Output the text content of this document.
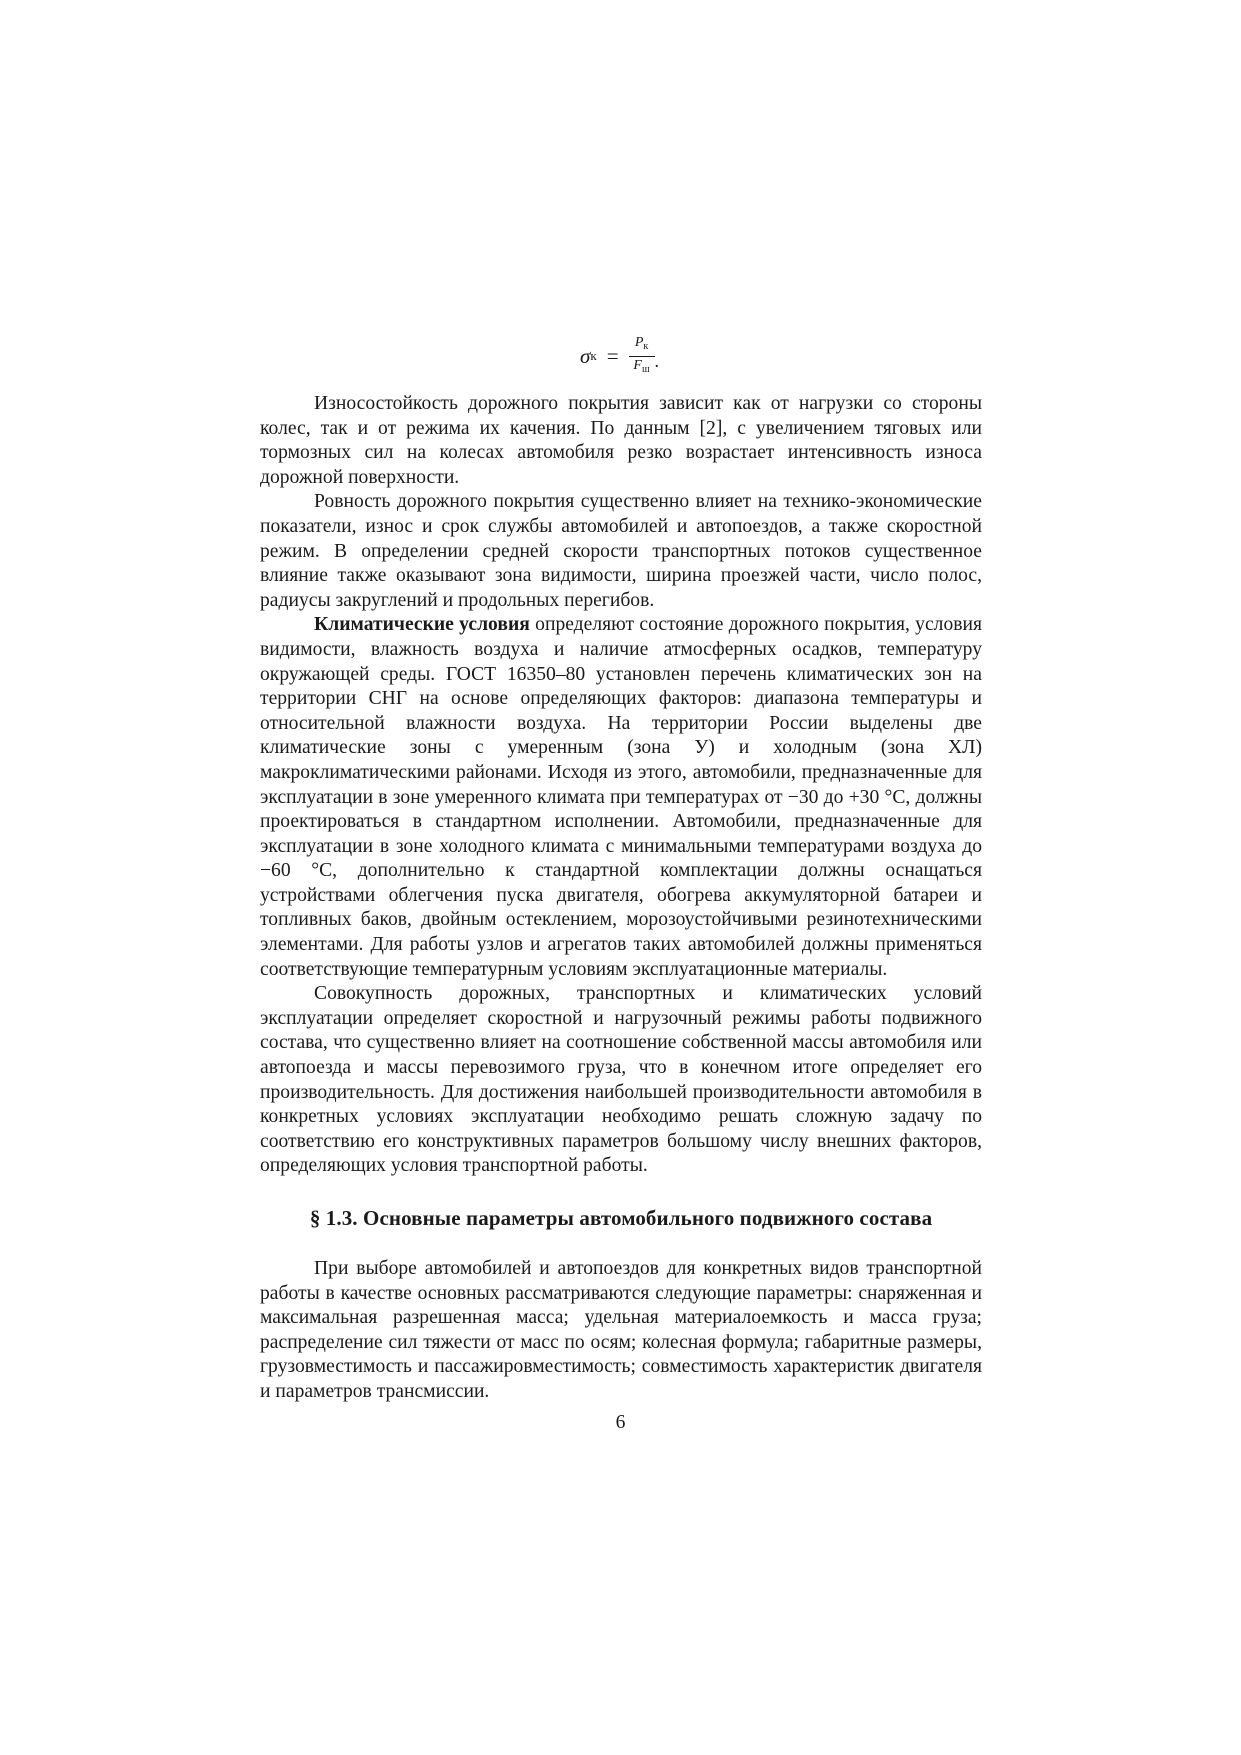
σ $к = \frac{P_к}{F_ш}$ .

Износостойкость дорожного покрытия зависит как от нагрузки со стороны колес, так и от режима их качения. По данным [2], с увеличением тяговых или тормозных сил на колесах автомобиля резко возрастает интенсивность износа дорожной поверхности.

Ровность дорожного покрытия существенно влияет на технико-экономические показатели, износ и срок службы автомобилей и автопоездов, а также скоростной режим. В определении средней скорости транспортных потоков существенное влияние также оказывают зона видимости, ширина проезжей части, число полос, радиусы закруглений и продольных перегибов.

Климатические условия определяют состояние дорожного покрытия, условия видимости, влажность воздуха и наличие атмосферных осадков, температуру окружающей среды. ГОСТ 16350–80 установлен перечень климатических зон на территории СНГ на основе определяющих факторов: диапазона температуры и относительной влажности воздуха. На территории России выделены две климатические зоны с умеренным (зона У) и холодным (зона ХЛ) макроклиматическими районами. Исходя из этого, автомобили, предназначенные для эксплуатации в зоне умеренного климата при температурах от −30 до +30 °С, должны проектироваться в стандартном исполнении. Автомобили, предназначенные для эксплуатации в зоне холодного климата с минимальными температурами воздуха до −60 °С, дополнительно к стандартной комплектации должны оснащаться устройствами облегчения пуска двигателя, обогрева аккумуляторной батареи и топливных баков, двойным остеклением, морозоустойчивыми резинотехническими элементами. Для работы узлов и агрегатов таких автомобилей должны применяться соответствующие температурным условиям эксплуатационные материалы.

Совокупность дорожных, транспортных и климатических условий эксплуатации определяет скоростной и нагрузочный режимы работы подвижного состава, что существенно влияет на соотношение собственной массы автомобиля или автопоезда и массы перевозимого груза, что в конечном итоге определяет его производительность. Для достижения наибольшей производительности автомобиля в конкретных условиях эксплуатации необходимо решать сложную задачу по соответствию его конструктивных параметров большому числу внешних факторов, определяющих условия транспортной работы.

§ 1.3. Основные параметры автомобильного подвижного состава

При выборе автомобилей и автопоездов для конкретных видов транспортной работы в качестве основных рассматриваются следующие параметры: снаряженная и максимальная разрешенная масса; удельная материалоемкость и масса груза; распределение сил тяжести от масс по осям; колесная формула; габаритные размеры, грузовместимость и пассажировместимость; совместимость характеристик двигателя и параметров трансмиссии.

6
